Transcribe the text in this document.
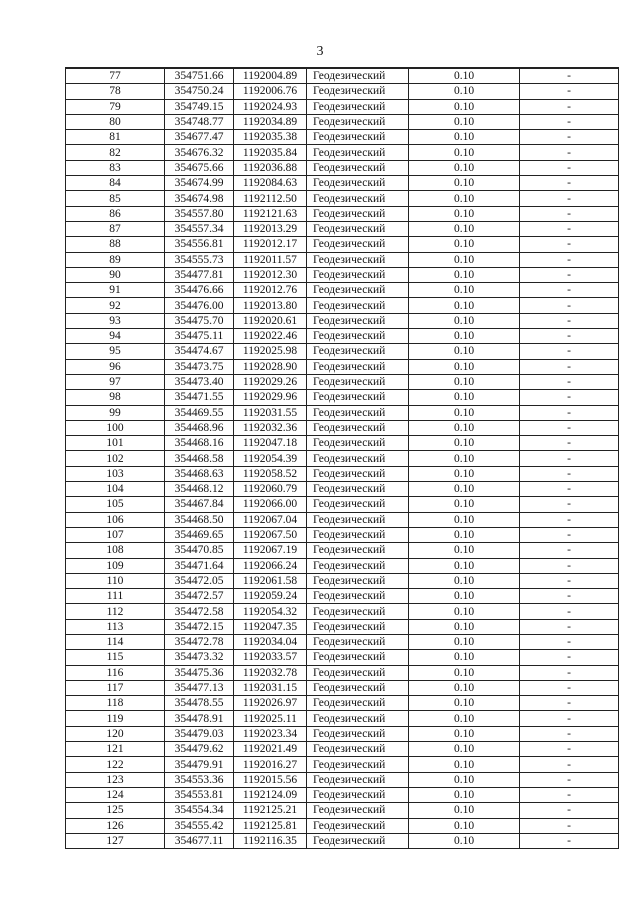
3
77	354751.66	1192004.89	Геодезический	0.10	-
78	354750.24	1192006.76	Геодезический	0.10	-
79	354749.15	1192024.93	Геодезический	0.10	-
80	354748.77	1192034.89	Геодезический	0.10	-
81	354677.47	1192035.38	Геодезический	0.10	-
82	354676.32	1192035.84	Геодезический	0.10	-
83	354675.66	1192036.88	Геодезический	0.10	-
84	354674.99	1192084.63	Геодезический	0.10	-
85	354674.98	1192112.50	Геодезический	0.10	-
86	354557.80	1192121.63	Геодезический	0.10	-
87	354557.34	1192013.29	Геодезический	0.10	-
88	354556.81	1192012.17	Геодезический	0.10	-
89	354555.73	1192011.57	Геодезический	0.10	-
90	354477.81	1192012.30	Геодезический	0.10	-
91	354476.66	1192012.76	Геодезический	0.10	-
92	354476.00	1192013.80	Геодезический	0.10	-
93	354475.70	1192020.61	Геодезический	0.10	-
94	354475.11	1192022.46	Геодезический	0.10	-
95	354474.67	1192025.98	Геодезический	0.10	-
96	354473.75	1192028.90	Геодезический	0.10	-
97	354473.40	1192029.26	Геодезический	0.10	-
98	354471.55	1192029.96	Геодезический	0.10	-
99	354469.55	1192031.55	Геодезический	0.10	-
100	354468.96	1192032.36	Геодезический	0.10	-
101	354468.16	1192047.18	Геодезический	0.10	-
102	354468.58	1192054.39	Геодезический	0.10	-
103	354468.63	1192058.52	Геодезический	0.10	-
104	354468.12	1192060.79	Геодезический	0.10	-
105	354467.84	1192066.00	Геодезический	0.10	-
106	354468.50	1192067.04	Геодезический	0.10	-
107	354469.65	1192067.50	Геодезический	0.10	-
108	354470.85	1192067.19	Геодезический	0.10	-
109	354471.64	1192066.24	Геодезический	0.10	-
110	354472.05	1192061.58	Геодезический	0.10	-
111	354472.57	1192059.24	Геодезический	0.10	-
112	354472.58	1192054.32	Геодезический	0.10	-
113	354472.15	1192047.35	Геодезический	0.10	-
114	354472.78	1192034.04	Геодезический	0.10	-
115	354473.32	1192033.57	Геодезический	0.10	-
116	354475.36	1192032.78	Геодезический	0.10	-
117	354477.13	1192031.15	Геодезический	0.10	-
118	354478.55	1192026.97	Геодезический	0.10	-
119	354478.91	1192025.11	Геодезический	0.10	-
120	354479.03	1192023.34	Геодезический	0.10	-
121	354479.62	1192021.49	Геодезический	0.10	-
122	354479.91	1192016.27	Геодезический	0.10	-
123	354553.36	1192015.56	Геодезический	0.10	-
124	354553.81	1192124.09	Геодезический	0.10	-
125	354554.34	1192125.21	Геодезический	0.10	-
126	354555.42	1192125.81	Геодезический	0.10	-
127	354677.11	1192116.35	Геодезический	0.10	-
